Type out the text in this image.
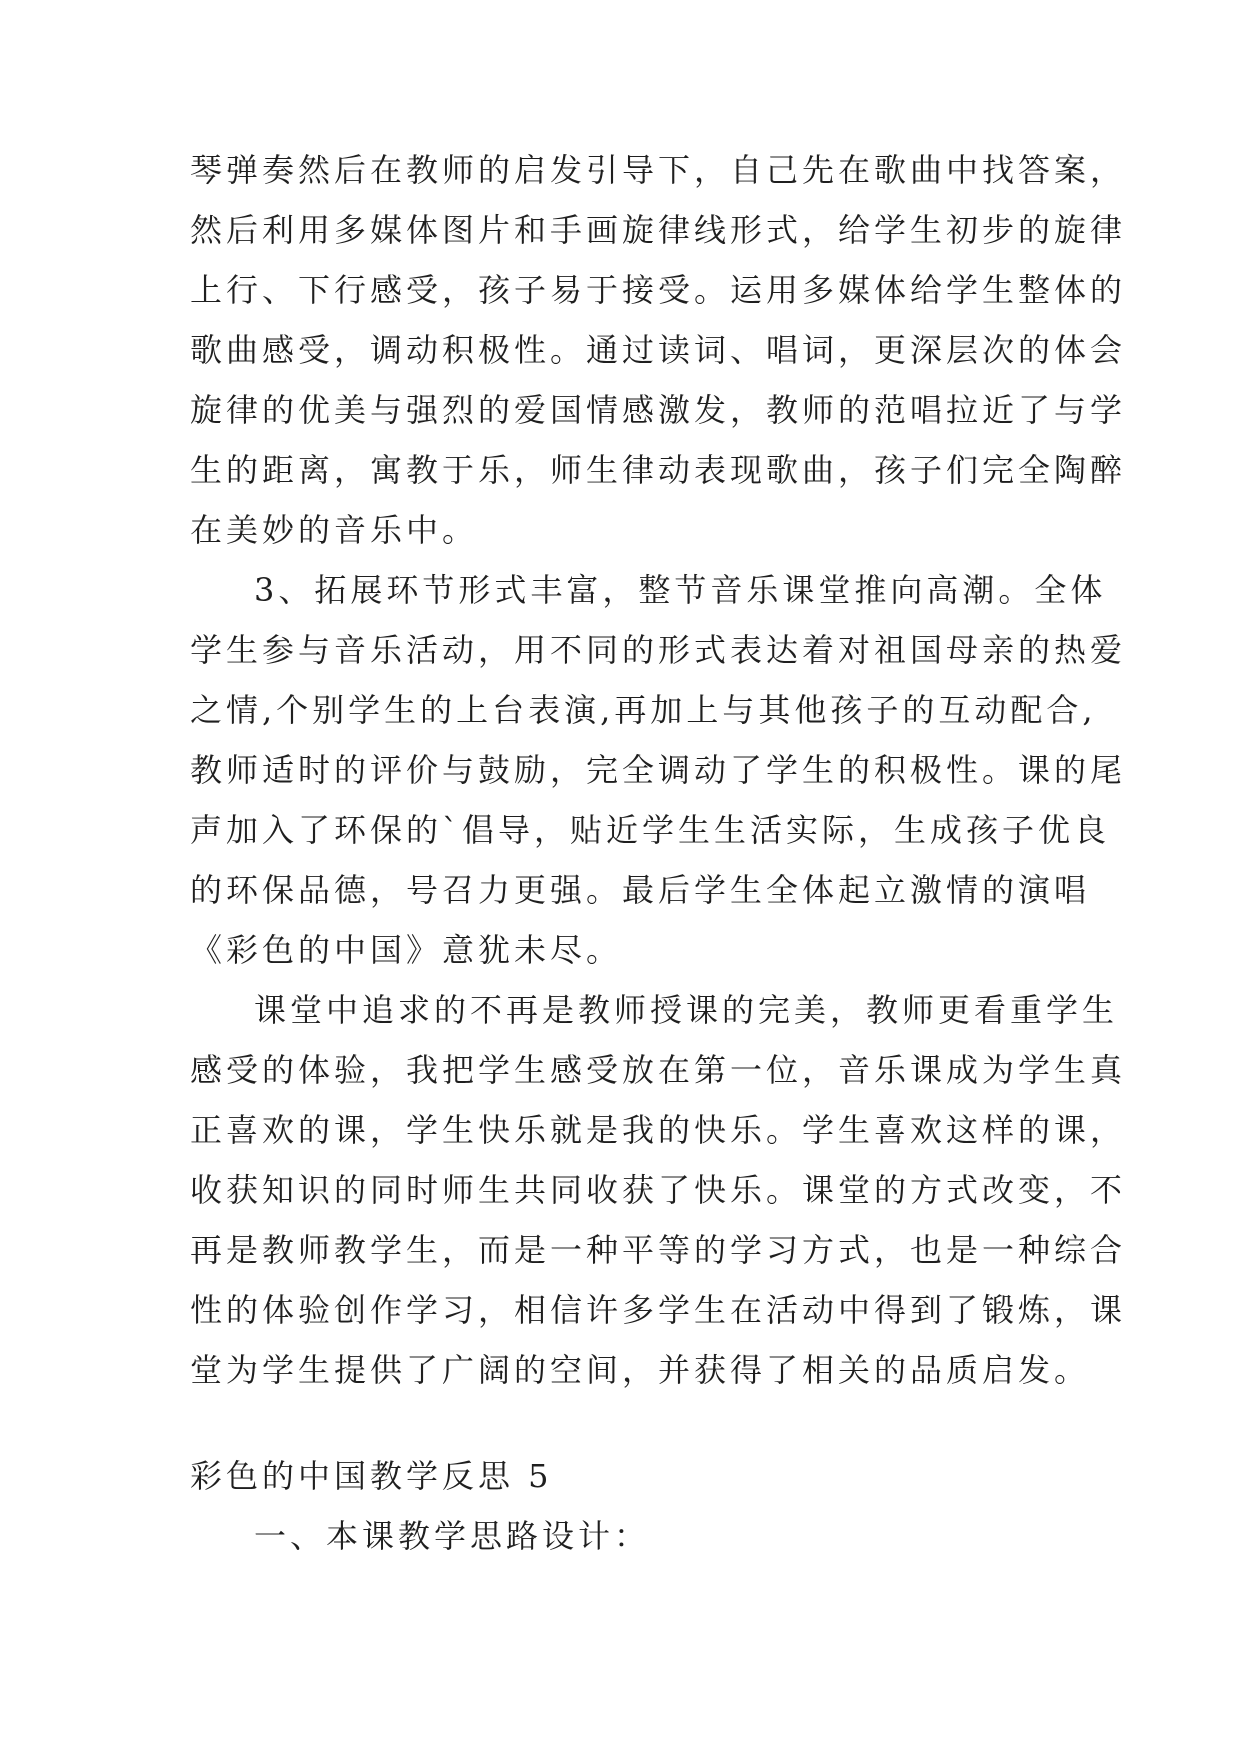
琴弹奏然后在教师的启发引导下，自己先在歌曲中找答案，
然后利用多媒体图片和手画旋律线形式，给学生初步的旋律
上行、下行感受，孩子易于接受。运用多媒体给学生整体的
歌曲感受，调动积极性。通过读词、唱词，更深层次的体会
旋律的优美与强烈的爱国情感激发，教师的范唱拉近了与学
生的距离，寓教于乐，师生律动表现歌曲，孩子们完全陶醉
在美妙的音乐中。
3、拓展环节形式丰富，整节音乐课堂推向高潮。全体
学生参与音乐活动，用不同的形式表达着对祖国母亲的热爱
之情,个别学生的上台表演,再加上与其他孩子的互动配合,
教师适时的评价与鼓励，完全调动了学生的积极性。课的尾
声加入了环保的`倡导，贴近学生生活实际，生成孩子优良
的环保品德，号召力更强。最后学生全体起立激情的演唱
《彩色的中国》意犹未尽。
课堂中追求的不再是教师授课的完美，教师更看重学生
感受的体验，我把学生感受放在第一位，音乐课成为学生真
正喜欢的课，学生快乐就是我的快乐。学生喜欢这样的课，
收获知识的同时师生共同收获了快乐。课堂的方式改变，不
再是教师教学生，而是一种平等的学习方式，也是一种综合
性的体验创作学习，相信许多学生在活动中得到了锻炼，课
堂为学生提供了广阔的空间，并获得了相关的品质启发。
彩色的中国教学反思 5
一、本课教学思路设计：
